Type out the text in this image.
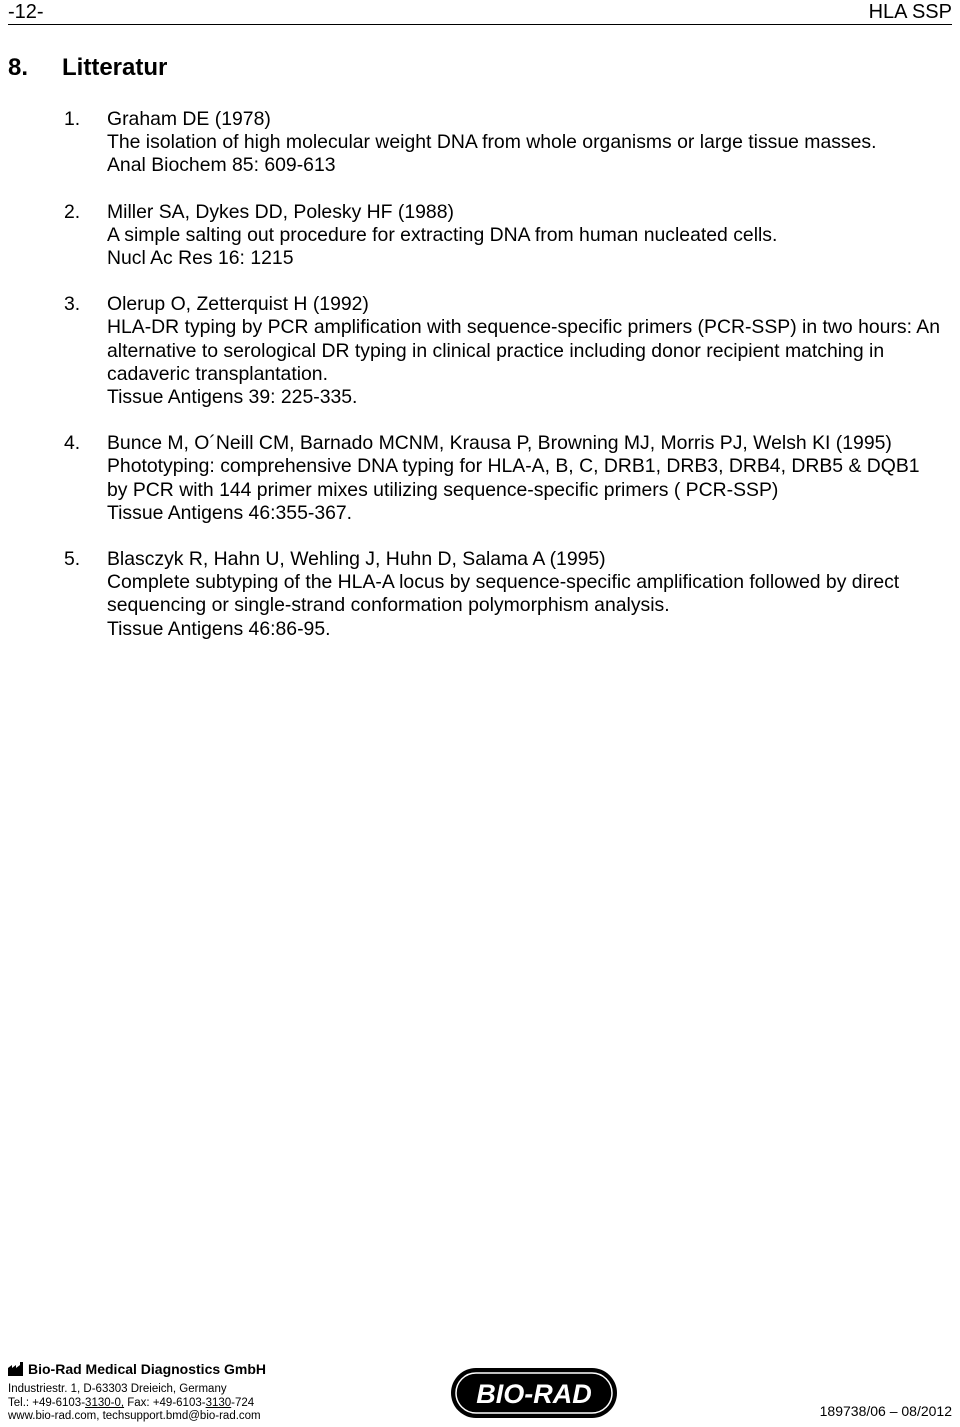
-12-	HLA SSP
8. Litteratur
1. Graham DE (1978)
The isolation of high molecular weight DNA from whole organisms or large tissue masses.
Anal Biochem 85: 609-613
2. Miller SA, Dykes DD, Polesky HF (1988)
A simple salting out procedure for extracting DNA from human nucleated cells.
Nucl Ac Res 16: 1215
3. Olerup O, Zetterquist H (1992)
HLA-DR typing by PCR amplification with sequence-specific primers (PCR-SSP) in two hours: An alternative to serological DR typing in clinical practice including donor recipient matching in cadaveric transplantation.
Tissue Antigens 39: 225-335.
4. Bunce M, O´Neill CM, Barnado MCNM, Krausa P, Browning MJ, Morris PJ, Welsh KI (1995)
Phototyping: comprehensive DNA typing for HLA-A, B, C, DRB1, DRB3, DRB4, DRB5 & DQB1 by PCR with 144 primer mixes utilizing sequence-specific primers ( PCR-SSP)
Tissue Antigens 46:355-367.
5. Blasczyk R, Hahn U, Wehling J, Huhn D, Salama A (1995)
Complete subtyping of the HLA-A locus by sequence-specific amplification followed by direct sequencing or single-strand conformation polymorphism analysis.
Tissue Antigens 46:86-95.
Bio-Rad Medical Diagnostics GmbH
Industriestr. 1, D-63303 Dreieich, Germany
Tel.: +49-6103-3130-0, Fax: +49-6103-3130-724
www.bio-rad.com, techsupport.bmd@bio-rad.com
BIO-RAD
189738/06 – 08/2012
